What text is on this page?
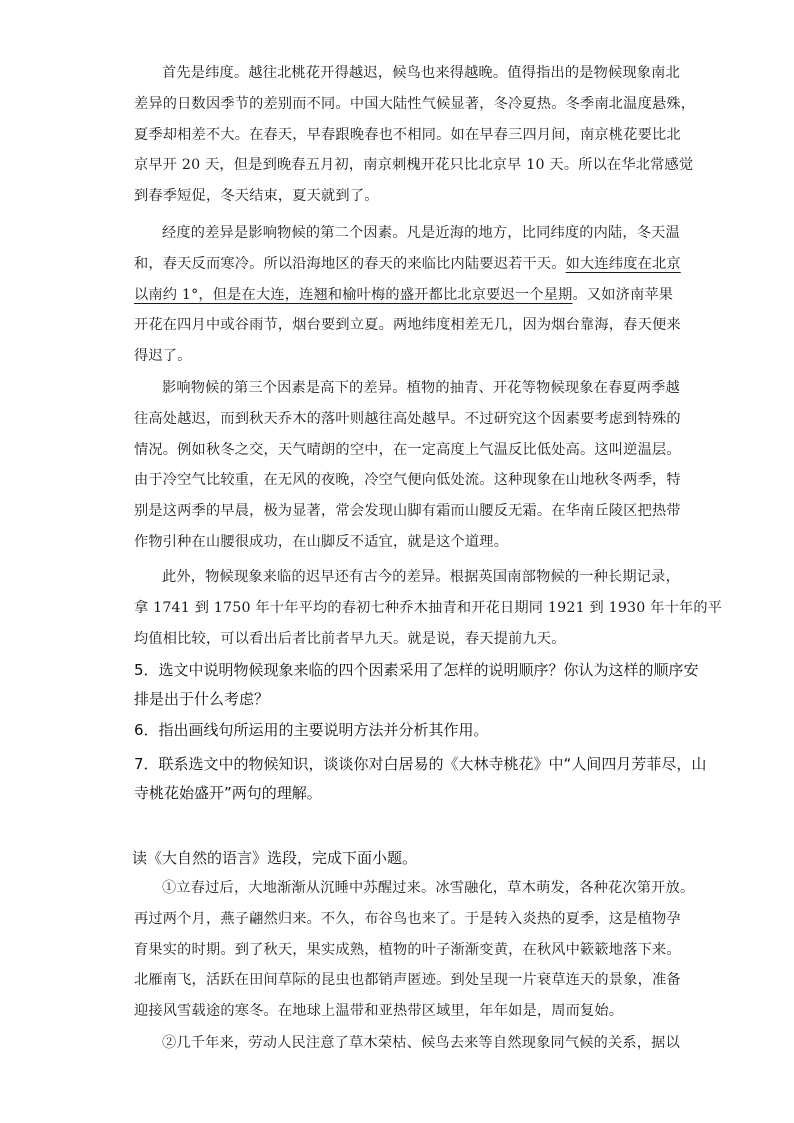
首先是纬度。越往北桃花开得越迟，候鸟也来得越晚。值得指出的是物候现象南北
差异的日数因季节的差别而不同。中国大陆性气候显著，冬冷夏热。冬季南北温度悬殊，
夏季却相差不大。在春天，早春跟晚春也不相同。如在早春三四月间，南京桃花要比北
京早开 20 天，但是到晚春五月初，南京刺槐开花只比北京早 10 天。所以在华北常感觉
到春季短促，冬天结束，夏天就到了。
经度的差异是影响物候的第二个因素。凡是近海的地方，比同纬度的内陆，冬天温
和，春天反而寒冷。所以沿海地区的春天的来临比内陆要迟若干天。如大连纬度在北京
以南约 1°，但是在大连，连翘和榆叶梅的盛开都比北京要迟一个星期。又如济南苹果
开花在四月中或谷雨节，烟台要到立夏。两地纬度相差无几，因为烟台靠海，春天便来
得迟了。
影响物候的第三个因素是高下的差异。植物的抽青、开花等物候现象在春夏两季越
往高处越迟，而到秋天乔木的落叶则越往高处越早。不过研究这个因素要考虑到特殊的
情况。例如秋冬之交，天气晴朗的空中，在一定高度上气温反比低处高。这叫逆温层。
由于冷空气比较重，在无风的夜晚，冷空气便向低处流。这种现象在山地秋冬两季，特
别是这两季的早晨，极为显著，常会发现山脚有霜而山腰反无霜。在华南丘陵区把热带
作物引种在山腰很成功，在山脚反不适宜，就是这个道理。
此外，物候现象来临的迟早还有古今的差异。根据英国南部物候的一种长期记录，
拿 1741 到 1750 年十年平均的春初七种乔木抽青和开花日期同 1921 到 1930 年十年的平
均值相比较，可以看出后者比前者早九天。就是说，春天提前九天。
5．选文中说明物候现象来临的四个因素采用了怎样的说明顺序？你认为这样的顺序安
排是出于什么考虑？
6．指出画线句所运用的主要说明方法并分析其作用。
7．联系选文中的物候知识，谈谈你对白居易的《大林寺桃花》中“人间四月芳菲尽，山
寺桃花始盛开”两句的理解。
读《大自然的语言》选段，完成下面小题。
①立春过后，大地渐渐从沉睡中苏醒过来。冰雪融化，草木萌发，各种花次第开放。
再过两个月，燕子翩然归来。不久，布谷鸟也来了。于是转入炎热的夏季，这是植物孕
育果实的时期。到了秋天，果实成熟，植物的叶子渐渐变黄，在秋风中簌簌地落下来。
北雁南飞，活跃在田间草际的昆虫也都销声匿迹。到处呈现一片衰草连天的景象，准备
迎接风雪载途的寒冬。在地球上温带和亚热带区域里，年年如是，周而复始。
②几千年来，劳动人民注意了草木荣枯、候鸟去来等自然现象同气候的关系，据以
